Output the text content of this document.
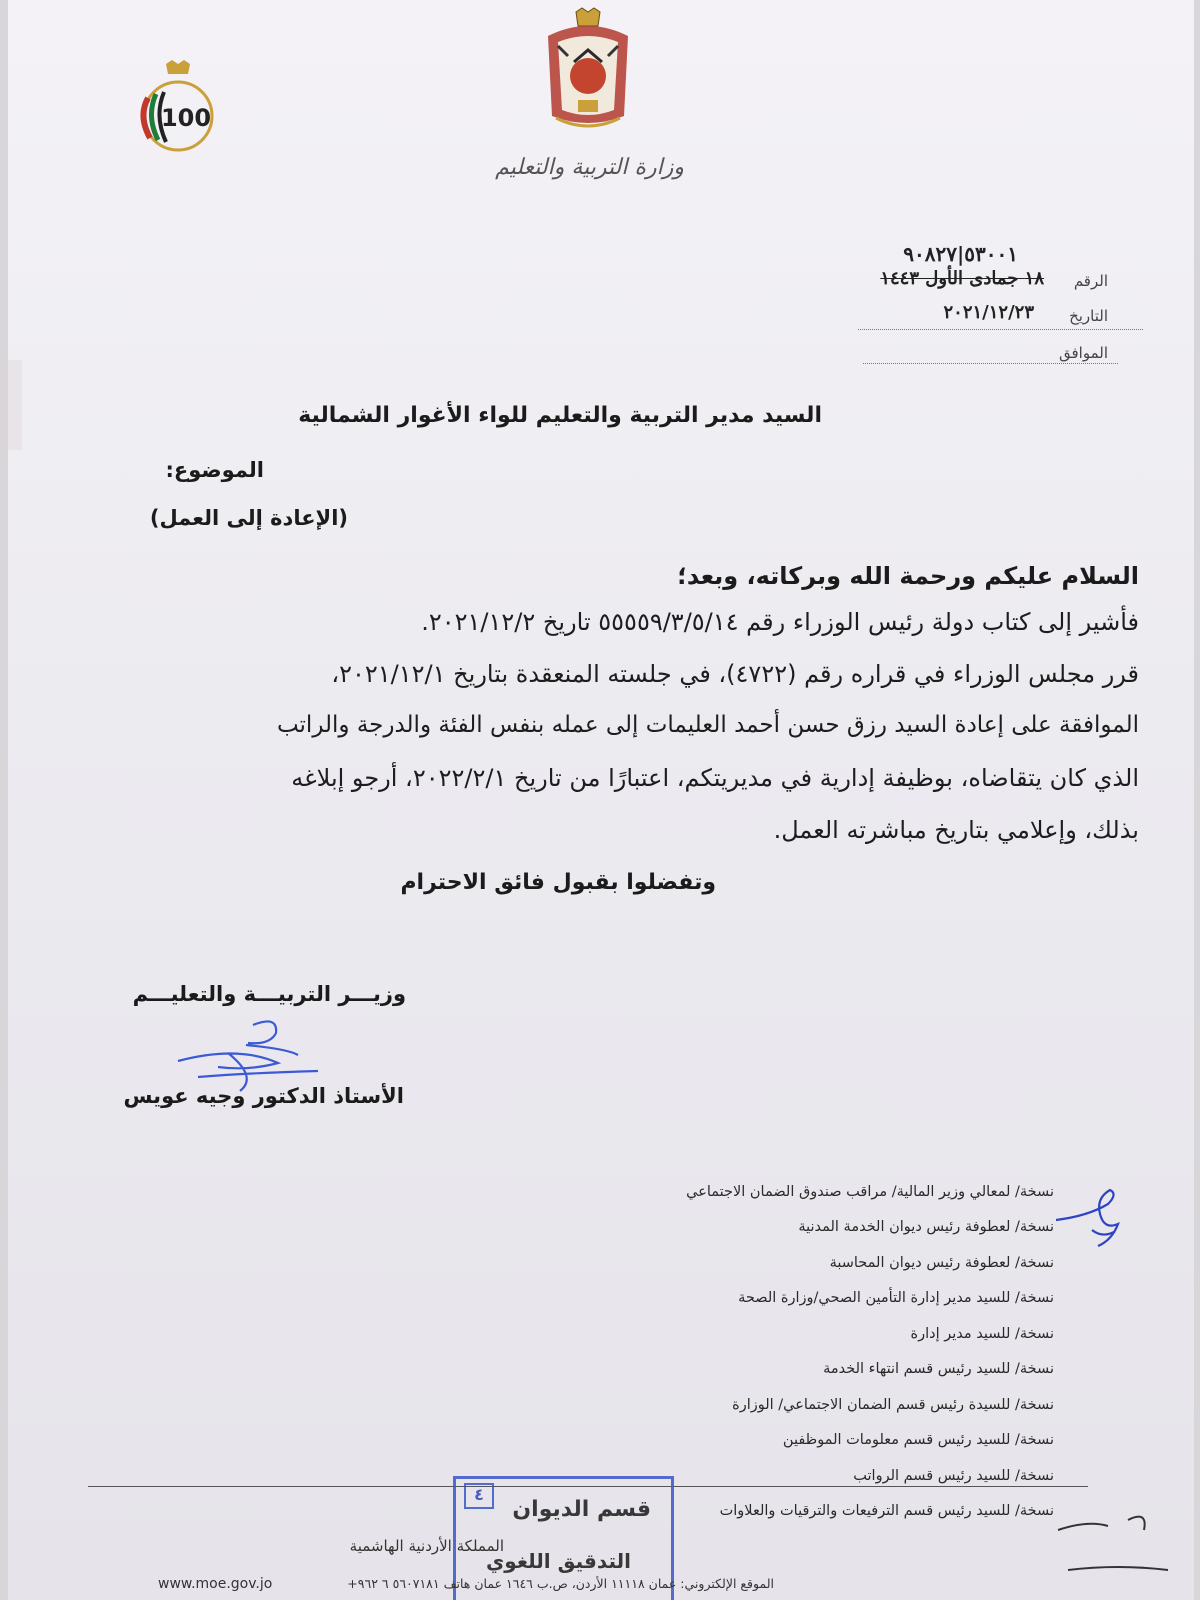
100
وزارة التربية والتعليم
٥٣٠٠١|٩٠٨٢٧
الرقم
١٨ جمادى الأول ١٤٤٣
التاريخ
٢٠٢١/١٢/٢٣
الموافق
السيد مدير التربية والتعليم للواء الأغوار الشمالية
الموضوع:
(الإعادة إلى العمل)
السلام عليكم ورحمة الله وبركاته، وبعد؛
فأشير إلى كتاب دولة رئيس الوزراء رقم ٥٥٥٥٩/٣/٥/١٤ تاريخ ٢٠٢١/١٢/٢.
قرر مجلس الوزراء في قراره رقم (٤٧٢٢)، في جلسته المنعقدة بتاريخ ٢٠٢١/١٢/١،
الموافقة على إعادة السيد رزق حسن أحمد العليمات إلى عمله بنفس الفئة والدرجة والراتب
الذي كان يتقاضاه، بوظيفة إدارية في مديريتكم، اعتبارًا من تاريخ ٢٠٢٢/٢/١، أرجو إبلاغه
بذلك، وإعلامي بتاريخ مباشرته العمل.
وتفضلوا بقبول فائق الاحترام
وزيـــر التربيـــة والتعليـــم
الأستاذ الدكتور وجيه عويس
نسخة/ لمعالي وزير المالية/ مراقب صندوق الضمان الاجتماعي
نسخة/ لعطوفة رئيس ديوان الخدمة المدنية
نسخة/ لعطوفة رئيس ديوان المحاسبة
نسخة/ للسيد مدير إدارة التأمين الصحي/وزارة الصحة
نسخة/ للسيد مدير إدارة
نسخة/ للسيد رئيس قسم انتهاء الخدمة
نسخة/ للسيدة رئيس قسم الضمان الاجتماعي/ الوزارة
نسخة/ للسيد رئيس قسم معلومات الموظفين
نسخة/ للسيد رئيس قسم الرواتب
نسخة/ للسيد رئيس قسم الترفيعات والترقيات والعلاوات
٤
قسم الديوان
التدقيق اللغوي
المملكة الأردنية الهاشمية
www.moe.gov.jo	الموقع الإلكتروني: عمان ١١١١٨ الأردن، ص.ب ١٦٤٦ عمان هاتف ٥٦٠٧١٨١ ٦ ٩٦٢+
